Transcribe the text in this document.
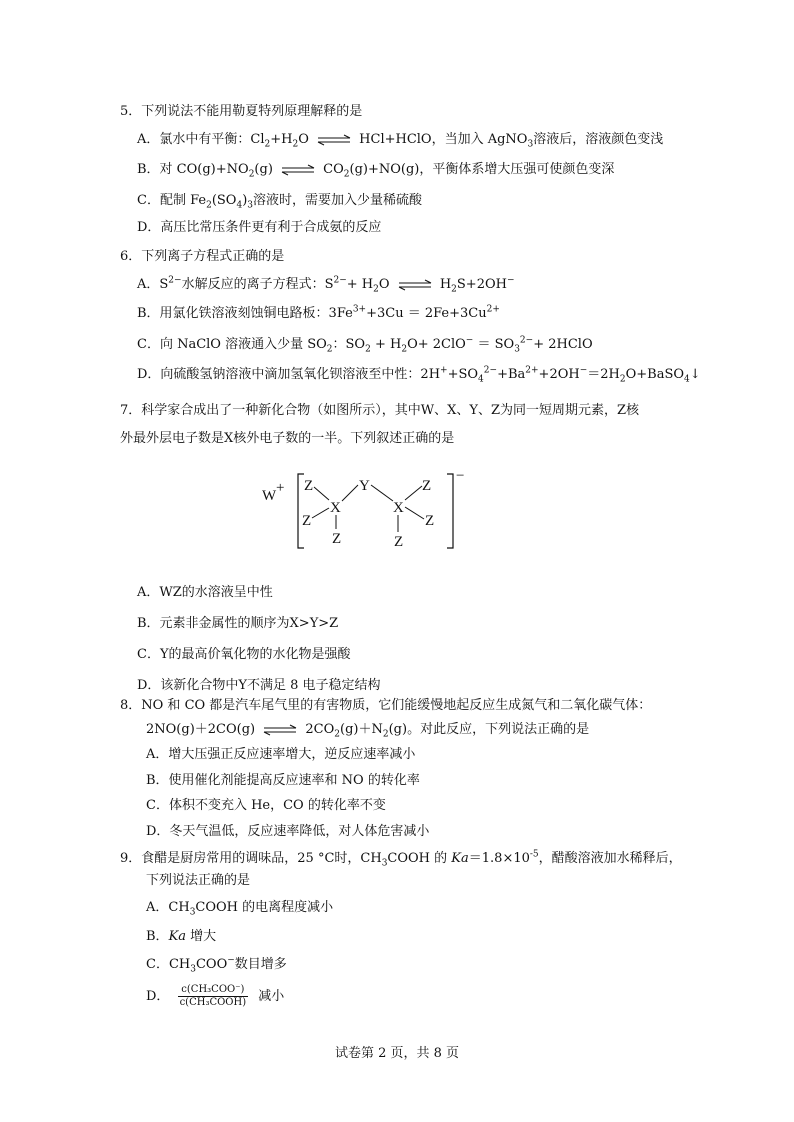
5．下列说法不能用勒夏特列原理解释的是
A．氯水中有平衡：$Cl_2+H_2O$ ⇌ HCl+HClO，当加入 AgNO$_3$溶液后，溶液颜色变浅
B．对 $CO(g)+NO_2(g)$ ⇌ $CO_2(g)+NO(g)$，平衡体系增大压强可使颜色变深
C．配制 $Fe_2(SO_4)_3$溶液时，需要加入少量稀硫酸
D．高压比常压条件更有利于合成氨的反应
6．下列离子方程式正确的是
A．$S^{2-}$水解反应的离子方程式：$S^{2-}+ H_2O$ ⇌ $H_2S+2OH^-$
B．用氯化铁溶液刻蚀铜电路板：$3Fe^{3+}+3Cu = 2Fe+3Cu^{2+}$
C．向 NaClO 溶液通入少量 $SO_2$：$SO_2 + H_2O+ 2ClO^- = SO_3^{2-}+$ 2HClO
D．向硫酸氢钠溶液中滴加氢氧化钡溶液至中性：$2H^++SO_4^{2-}+Ba^{2+}+2OH^-=2H_2O+BaSO_4↓$
7．科学家合成出了一种新化合物（如图所示），其中W、X、Y、Z为同一短周期元素，Z核
外最外层电子数是X核外电子数的一半。下列叙述正确的是
W +
−
Z
X
Z
Z
Y
X
Z
Z
Z
A．WZ的水溶液呈中性
B．元素非金属性的顺序为X>Y>Z
C．Y的最高价氧化物的水化物是强酸
D．该新化合物中Y不满足 8 电子稳定结构
8．NO 和 CO 都是汽车尾气里的有害物质，它们能缓慢地起反应生成氮气和二氧化碳气体：
2NO(g)＋2CO(g) ⇌ $2CO_2(g)+N_2(g)$。对此反应，下列说法正确的是
A．增大压强正反应速率增大，逆反应速率减小
B．使用催化剂能提高反应速率和 NO 的转化率
C．体积不变充入 He，CO 的转化率不变
D．冬天气温低，反应速率降低，对人体危害减小
9．食醋是厨房常用的调味品，25 °C时，$CH_3COOH$ 的 $Ka=1.8\times 10^{-5}$，醋酸溶液加水稀释后，
下列说法正确的是
A．$CH_3COOH$ 的电离程度减小
B．Ka 增大
C．$CH_3COO^-$数目增多
D． $\frac{\text{c(CH₃COO⁻)}}{\text{c(CH₃COOH)}}$ 减小
试卷第 2 页，共 8 页
